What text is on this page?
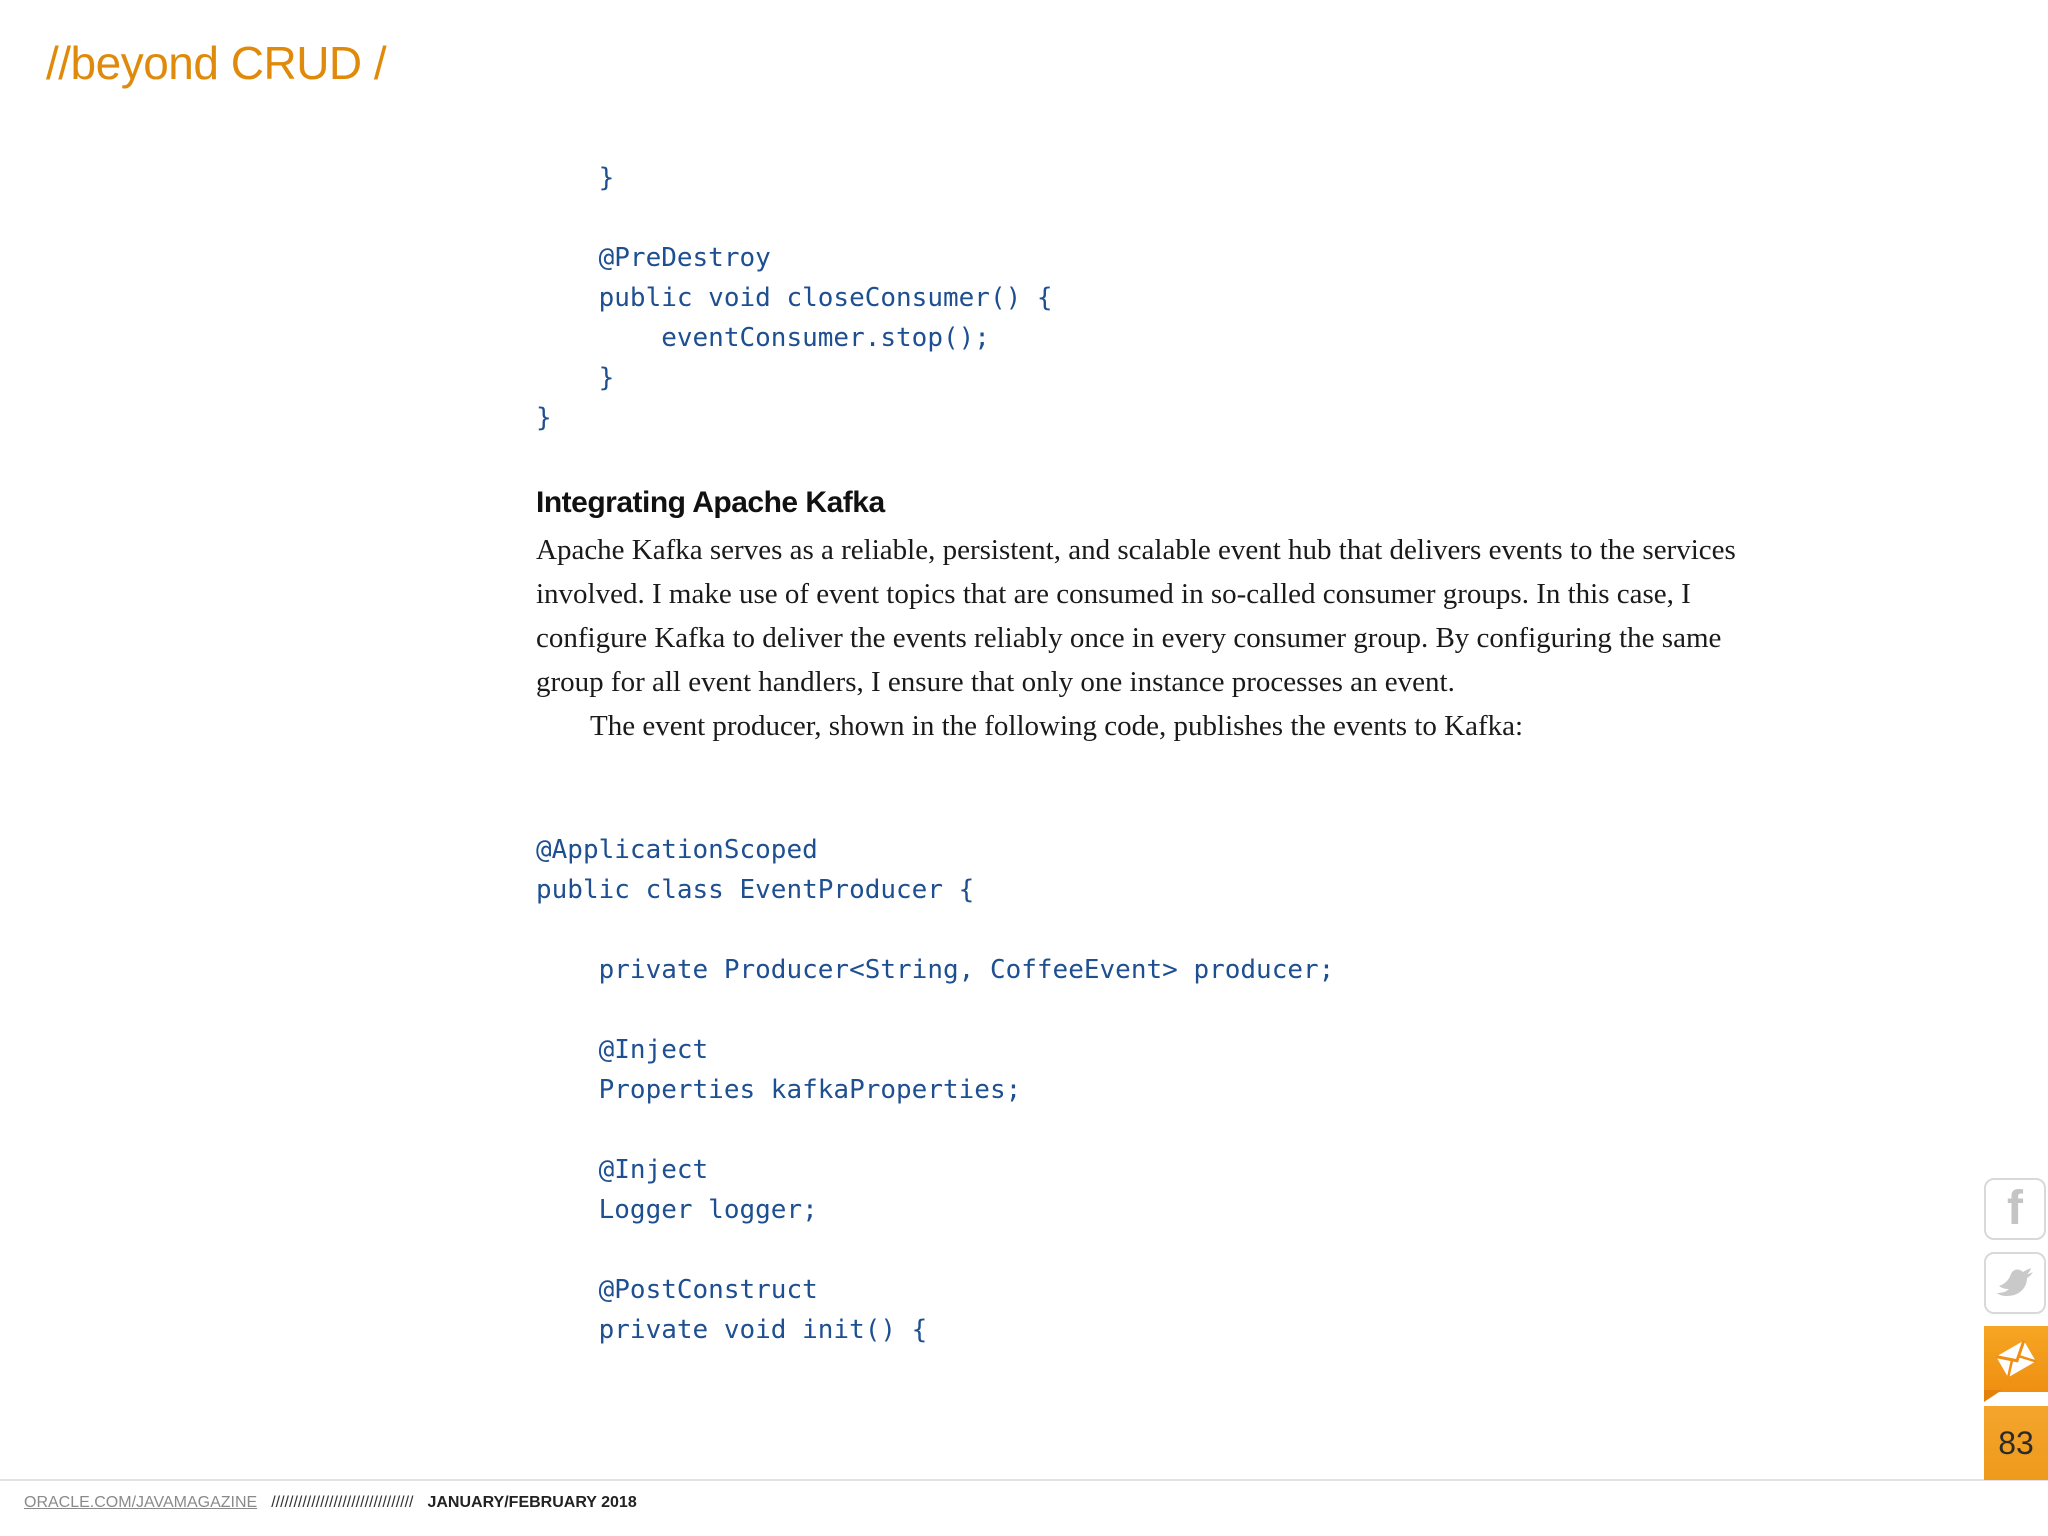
//beyond CRUD /
}

@PreDestroy
public void closeConsumer() {
eventConsumer.stop();
}
}
Integrating Apache Kafka

Apache Kafka serves as a reliable, persistent, and scalable event hub that delivers events to the services involved. I make use of event topics that are consumed in so-called consumer groups. In this case, I configure Kafka to deliver the events reliably once in every consumer group. By configuring the same group for all event handlers, I ensure that only one instance processes an event.

The event producer, shown in the following code, publishes the events to Kafka:

@ApplicationScoped
public class EventProducer {

private Producer<String, CoffeeEvent> producer;

@Inject
Properties kafkaProperties;

@Inject
Logger logger;

@PostConstruct
private void init() {
ORACLE.COM/JAVAMAGAZINE //////////////////////////////// JANUARY/FEBRUARY 2018
f
83
